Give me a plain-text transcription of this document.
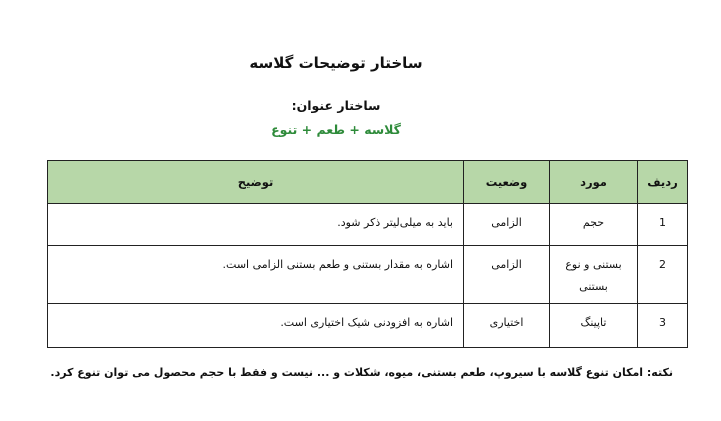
ساختار توضیحات گلاسه
ساختار عنوان:
گلاسه + طعم + تنوع
ردیف	مورد	وضعیت	توضیح

1	حجم	الزامی	باید به میلی‌لیتر ذکر شود.

2	بستنی و نوع بستنی	الزامی	اشاره به مقدار بستنی و طعم بستنی الزامی است.

3	تاپینگ	اختیاری	اشاره به افزودنی شیک اختیاری است.
نکته: امکان تنوع گلاسه با سیروپ، طعم بستنی، میوه، شکلات و ... نیست و فقط با حجم محصول می توان تنوع کرد.
